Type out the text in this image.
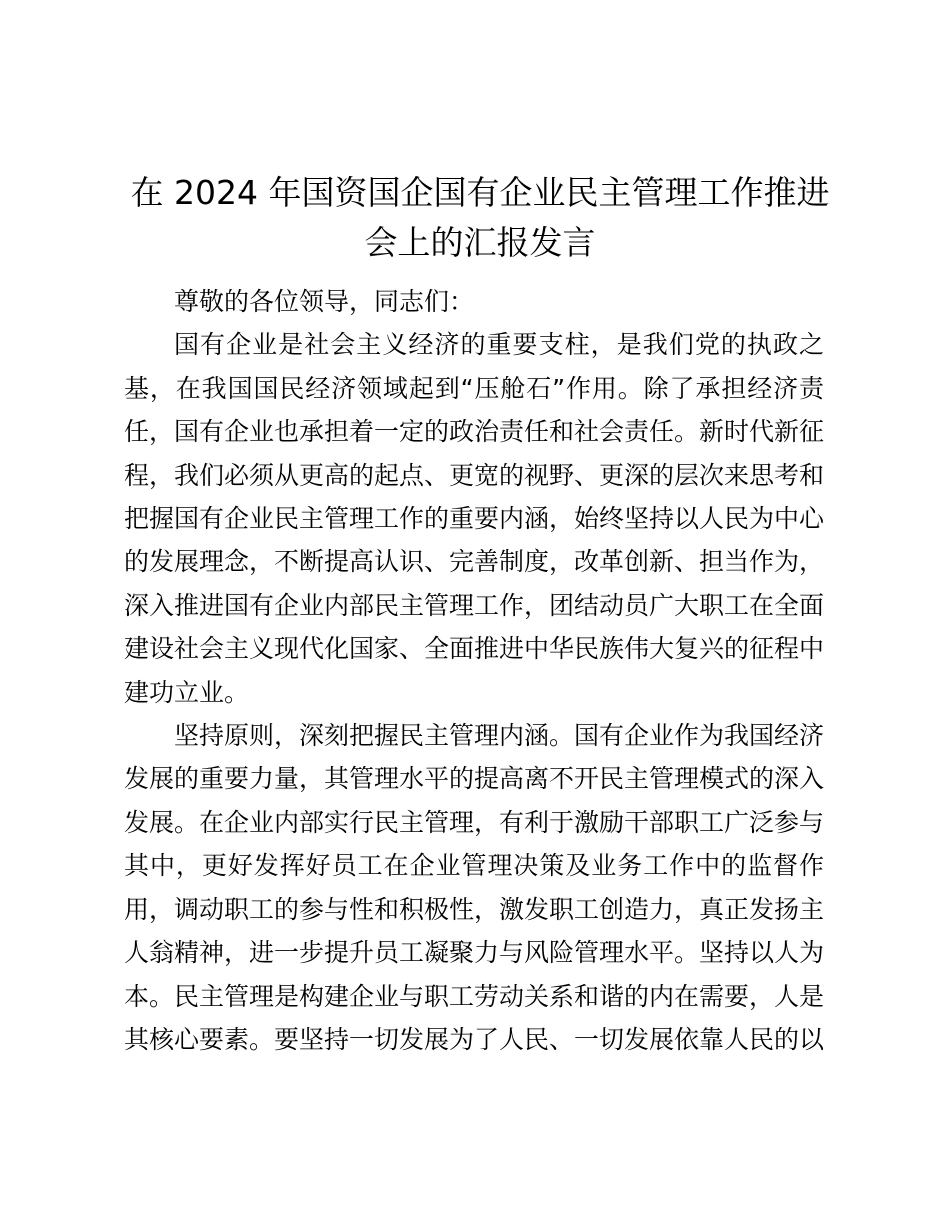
在 2024 年国资国企国有企业民主管理工作推进会上的汇报发言

尊敬的各位领导，同志们：

国有企业是社会主义经济的重要支柱，是我们党的执政之基，在我国国民经济领域起到“压舱石”作用。除了承担经济责任，国有企业也承担着一定的政治责任和社会责任。新时代新征程，我们必须从更高的起点、更宽的视野、更深的层次来思考和把握国有企业民主管理工作的重要内涵，始终坚持以人民为中心的发展理念，不断提高认识、完善制度，改革创新、担当作为，深入推进国有企业内部民主管理工作，团结动员广大职工在全面建设社会主义现代化国家、全面推进中华民族伟大复兴的征程中建功立业。

坚持原则，深刻把握民主管理内涵。国有企业作为我国经济发展的重要力量，其管理水平的提高离不开民主管理模式的深入发展。在企业内部实行民主管理，有利于激励干部职工广泛参与其中，更好发挥好员工在企业管理决策及业务工作中的监督作用，调动职工的参与性和积极性，激发职工创造力，真正发扬主人翁精神，进一步提升员工凝聚力与风险管理水平。坚持以人为本。民主管理是构建企业与职工劳动关系和谐的内在需要，人是其核心要素。要坚持一切发展为了人民、一切发展依靠人民的以
